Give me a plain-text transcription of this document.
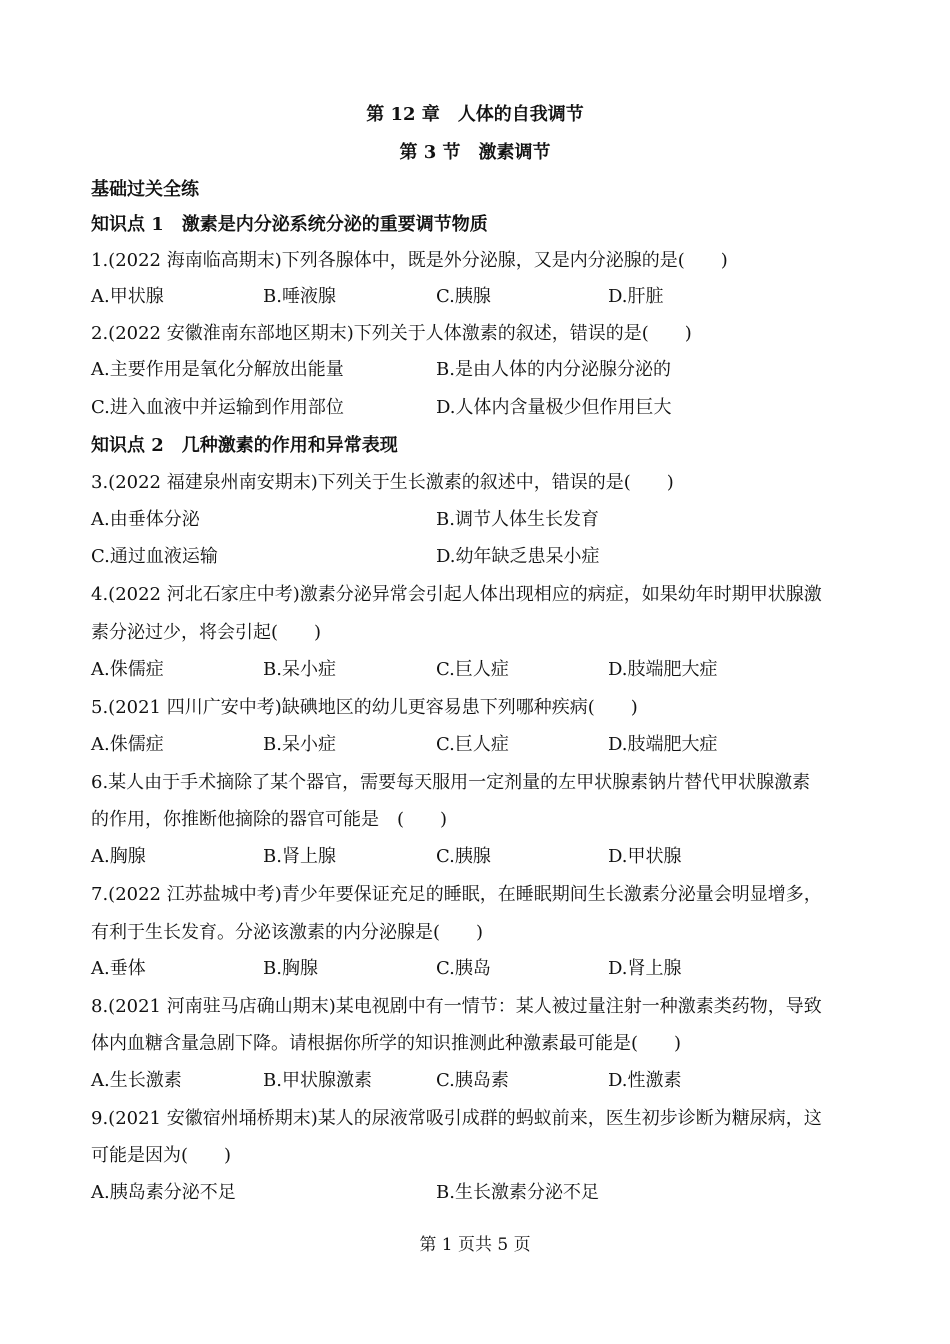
第 12 章　人体的自我调节
第 3 节　激素调节
基础过关全练
知识点 1　激素是内分泌系统分泌的重要调节物质
1.(2022 海南临高期末)下列各腺体中，既是外分泌腺，又是内分泌腺的是(　　)
A.甲状腺	B.唾液腺	C.胰腺	D.肝脏
2.(2022 安徽淮南东部地区期末)下列关于人体激素的叙述，错误的是(　　)
A.主要作用是氧化分解放出能量	B.是由人体的内分泌腺分泌的
C.进入血液中并运输到作用部位	D.人体内含量极少但作用巨大
知识点 2　几种激素的作用和异常表现
3.(2022 福建泉州南安期末)下列关于生长激素的叙述中，错误的是(　　)
A.由垂体分泌	B.调节人体生长发育
C.通过血液运输	D.幼年缺乏患呆小症
4.(2022 河北石家庄中考)激素分泌异常会引起人体出现相应的病症，如果幼年时期甲状腺激
素分泌过少，将会引起(　　)
A.侏儒症	B.呆小症	C.巨人症	D.肢端肥大症
5.(2021 四川广安中考)缺碘地区的幼儿更容易患下列哪种疾病(　　)
A.侏儒症	B.呆小症	C.巨人症	D.肢端肥大症
6.某人由于手术摘除了某个器官，需要每天服用一定剂量的左甲状腺素钠片替代甲状腺激素
的作用，你推断他摘除的器官可能是　(　　)
A.胸腺	B.肾上腺	C.胰腺	D.甲状腺
7.(2022 江苏盐城中考)青少年要保证充足的睡眠，在睡眠期间生长激素分泌量会明显增多，
有利于生长发育。分泌该激素的内分泌腺是(　　)
A.垂体	B.胸腺	C.胰岛	D.肾上腺
8.(2021 河南驻马店确山期末)某电视剧中有一情节：某人被过量注射一种激素类药物，导致
体内血糖含量急剧下降。请根据你所学的知识推测此种激素最可能是(　　)
A.生长激素	B.甲状腺激素	C.胰岛素	D.性激素
9.(2021 安徽宿州埇桥期末)某人的尿液常吸引成群的蚂蚁前来，医生初步诊断为糖尿病，这
可能是因为(　　)
A.胰岛素分泌不足	B.生长激素分泌不足
第 1 页共 5 页
